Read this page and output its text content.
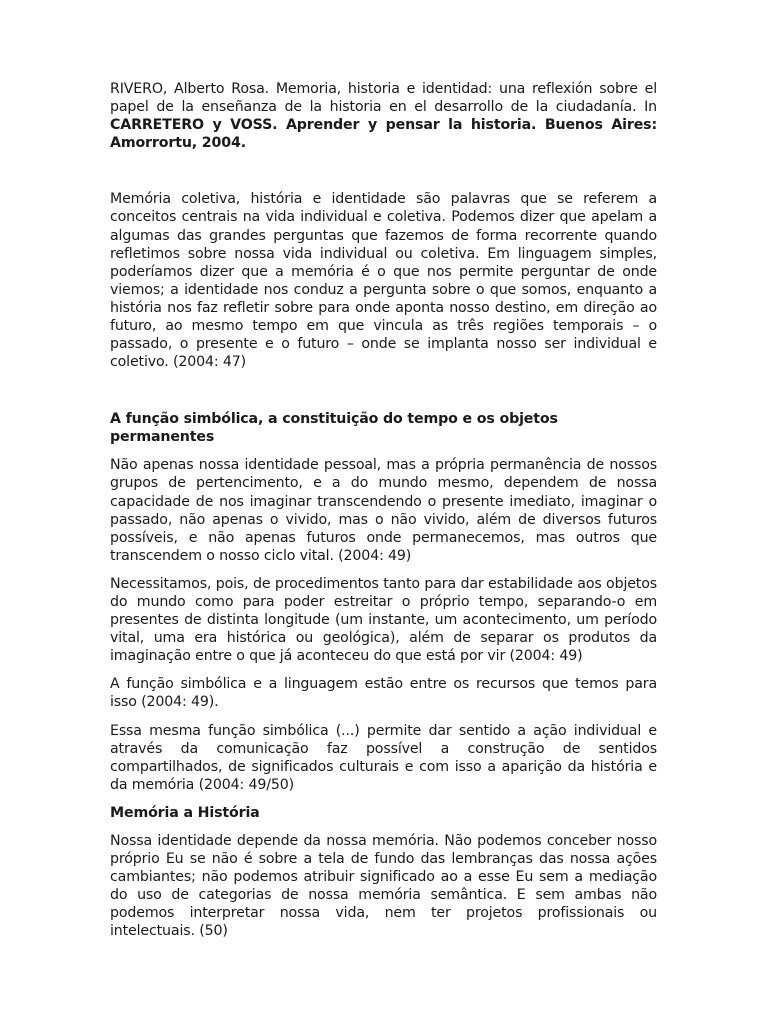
RIVERO, Alberto Rosa. Memoria, historia e identidad: una reflexión sobre el papel de la enseñanza de la historia en el desarrollo de la ciudadanía. In CARRETERO y VOSS. Aprender y pensar la historia. Buenos Aires: Amorrortu, 2004.

Memória coletiva, história e identidade são palavras que se referem a conceitos centrais na vida individual e coletiva. Podemos dizer que apelam a algumas das grandes perguntas que fazemos de forma recorrente quando refletimos sobre nossa vida individual ou coletiva. Em linguagem simples, poderíamos dizer que a memória é o que nos permite perguntar de onde viemos; a identidade nos conduz a pergunta sobre o que somos, enquanto a história nos faz refletir sobre para onde aponta nosso destino, em direção ao futuro, ao mesmo tempo em que vincula as três regiões temporais – o passado, o presente e o futuro – onde se implanta nosso ser individual e coletivo. (2004: 47)

A função simbólica, a constituição do tempo e os objetos permanentes

Não apenas nossa identidade pessoal, mas a própria permanência de nossos grupos de pertencimento, e a do mundo mesmo, dependem de nossa capacidade de nos imaginar transcendendo o presente imediato, imaginar o passado, não apenas o vivido, mas o não vivido, além de diversos futuros possíveis, e não apenas futuros onde permanecemos, mas outros que transcendem o nosso ciclo vital. (2004: 49)

Necessitamos, pois, de procedimentos tanto para dar estabilidade aos objetos do mundo como para poder estreitar o próprio tempo, separando-o em presentes de distinta longitude (um instante, um acontecimento, um período vital, uma era histórica ou geológica), além de separar os produtos da imaginação entre o que já aconteceu do que está por vir (2004: 49)

A função simbólica e a linguagem estão entre os recursos que temos para isso (2004: 49).

Essa mesma função simbólica (...) permite dar sentido a ação individual e através da comunicação faz possível a construção de sentidos compartilhados, de significados culturais e com isso a aparição da história e da memória (2004: 49/50)

Memória a História

Nossa identidade depende da nossa memória. Não podemos conceber nosso próprio Eu se não é sobre a tela de fundo das lembranças das nossa ações cambiantes; não podemos atribuir significado ao a esse Eu sem a mediação do uso de categorias de nossa memória semântica. E sem ambas não podemos interpretar nossa vida, nem ter projetos profissionais ou intelectuais. (50)
